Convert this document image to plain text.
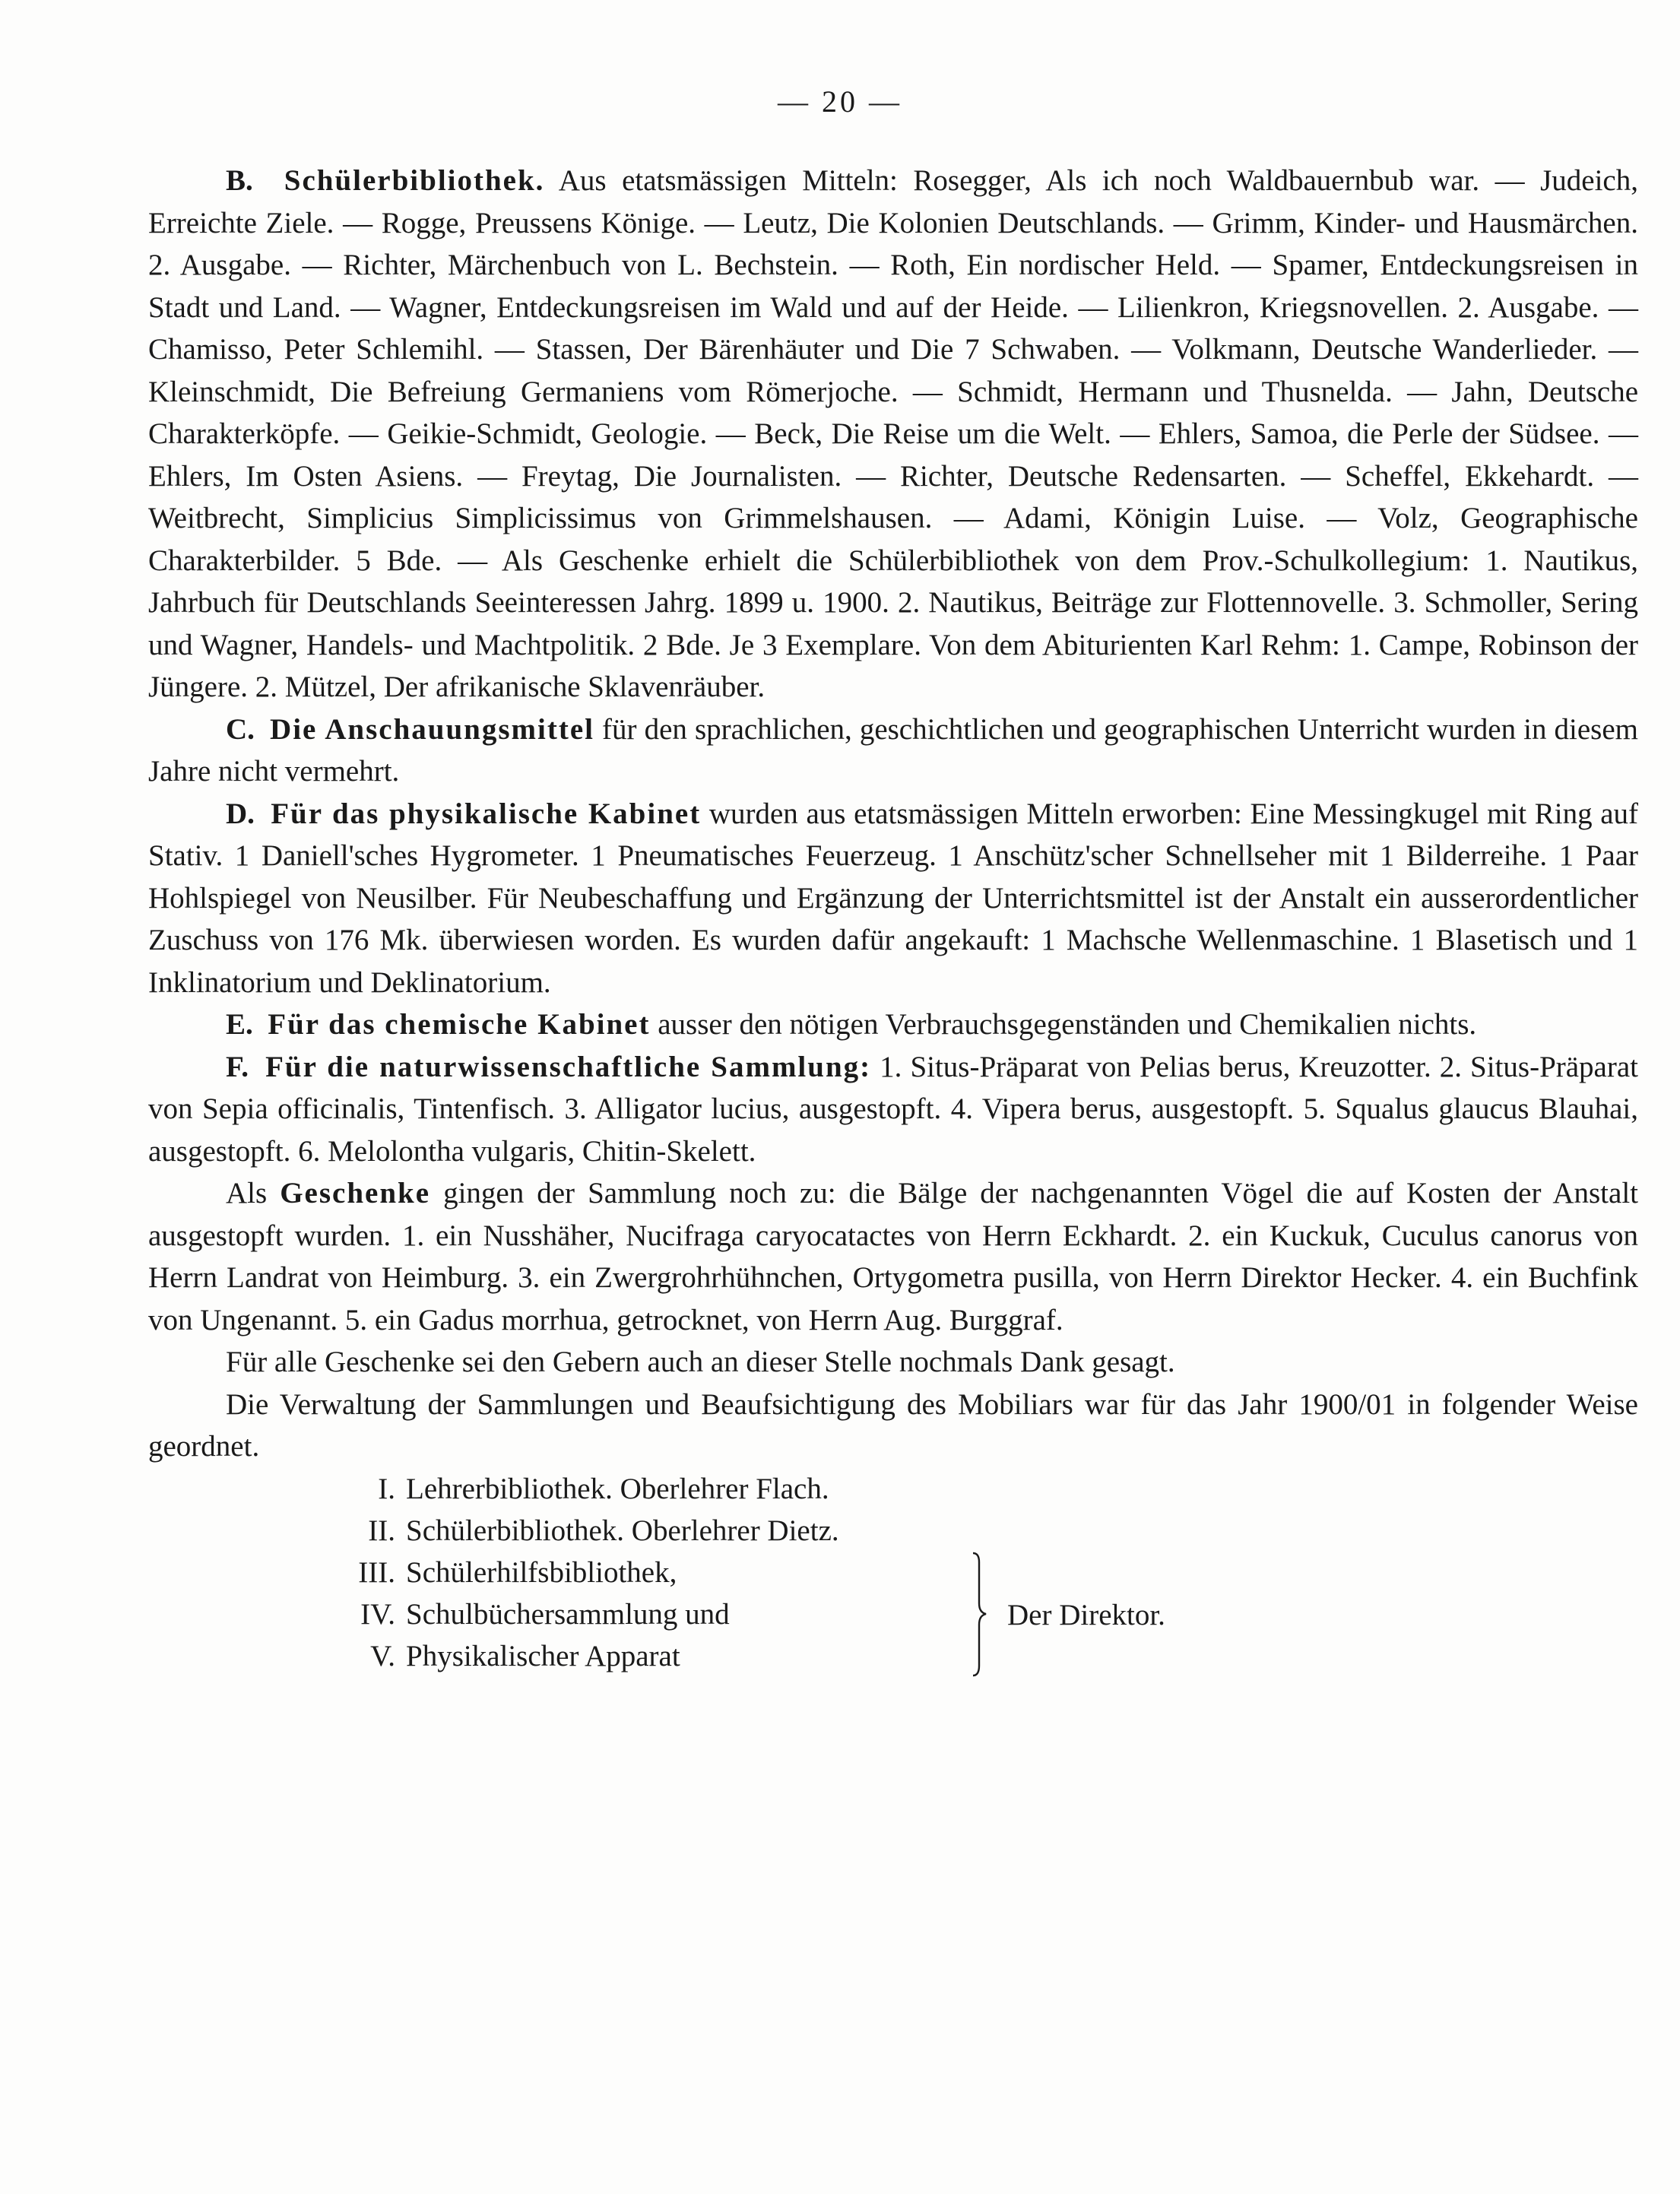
— 20 —

B. Schülerbibliothek. Aus etatsmässigen Mitteln: Rosegger, Als ich noch Waldbauernbub war. — Judeich, Erreichte Ziele. — Rogge, Preussens Könige. — Leutz, Die Kolonien Deutschlands. — Grimm, Kinder- und Hausmärchen. 2. Ausgabe. — Richter, Märchenbuch von L. Bechstein. — Roth, Ein nordischer Held. — Spamer, Entdeckungsreisen in Stadt und Land. — Wagner, Entdeckungsreisen im Wald und auf der Heide. — Lilienkron, Kriegsnovellen. 2. Ausgabe. — Chamisso, Peter Schlemihl. — Stassen, Der Bärenhäuter und Die 7 Schwaben. — Volkmann, Deutsche Wanderlieder. — Kleinschmidt, Die Befreiung Germaniens vom Römerjoche. — Schmidt, Hermann und Thusnelda. — Jahn, Deutsche Charakterköpfe. — Geikie-Schmidt, Geologie. — Beck, Die Reise um die Welt. — Ehlers, Samoa, die Perle der Südsee. — Ehlers, Im Osten Asiens. — Freytag, Die Journalisten. — Richter, Deutsche Redensarten. — Scheffel, Ekkehardt. — Weitbrecht, Simplicius Simplicissimus von Grimmelshausen. — Adami, Königin Luise. — Volz, Geographische Charakterbilder. 5 Bde. — Als Geschenke erhielt die Schülerbibliothek von dem Prov.-Schulkollegium: 1. Nautikus, Jahrbuch für Deutschlands Seeinteressen Jahrg. 1899 u. 1900. 2. Nautikus, Beiträge zur Flottennovelle. 3. Schmoller, Sering und Wagner, Handels- und Machtpolitik. 2 Bde. Je 3 Exemplare. Von dem Abiturienten Karl Rehm: 1. Campe, Robinson der Jüngere. 2. Mützel, Der afrikanische Sklavenräuber.

C. Die Anschauungsmittel für den sprachlichen, geschichtlichen und geographischen Unterricht wurden in diesem Jahre nicht vermehrt.

D. Für das physikalische Kabinet wurden aus etatsmässigen Mitteln erworben: Eine Messingkugel mit Ring auf Stativ. 1 Daniell'sches Hygrometer. 1 Pneumatisches Feuerzeug. 1 Anschütz'scher Schnellseher mit 1 Bilderreihe. 1 Paar Hohlspiegel von Neusilber. Für Neubeschaffung und Ergänzung der Unterrichtsmittel ist der Anstalt ein ausserordentlicher Zuschuss von 176 Mk. überwiesen worden. Es wurden dafür angekauft: 1 Machsche Wellenmaschine. 1 Blasetisch und 1 Inklinatorium und Deklinatorium.

E. Für das chemische Kabinet ausser den nötigen Verbrauchsgegenständen und Chemikalien nichts.

F. Für die naturwissenschaftliche Sammlung: 1. Situs-Präparat von Pelias berus, Kreuzotter. 2. Situs-Präparat von Sepia officinalis, Tintenfisch. 3. Alligator lucius, ausgestopft. 4. Vipera berus, ausgestopft. 5. Squalus glaucus Blauhai, ausgestopft. 6. Melolontha vulgaris, Chitin-Skelett.

Als Geschenke gingen der Sammlung noch zu: die Bälge der nachgenannten Vögel die auf Kosten der Anstalt ausgestopft wurden. 1. ein Nusshäher, Nucifraga caryocatactes von Herrn Eckhardt. 2. ein Kuckuk, Cuculus canorus von Herrn Landrat von Heimburg. 3. ein Zwergrohrhühnchen, Ortygometra pusilla, von Herrn Direktor Hecker. 4. ein Buchfink von Ungenannt. 5. ein Gadus morrhua, getrocknet, von Herrn Aug. Burggraf.

Für alle Geschenke sei den Gebern auch an dieser Stelle nochmals Dank gesagt.

Die Verwaltung der Sammlungen und Beaufsichtigung des Mobiliars war für das Jahr 1900/01 in folgender Weise geordnet.

I. Lehrerbibliothek. Oberlehrer Flach.
II. Schülerbibliothek. Oberlehrer Dietz.
III. Schülerhilfsbibliothek,
IV. Schulbüchersammlung und
V. Physikalischer Apparat
Der Direktor.
